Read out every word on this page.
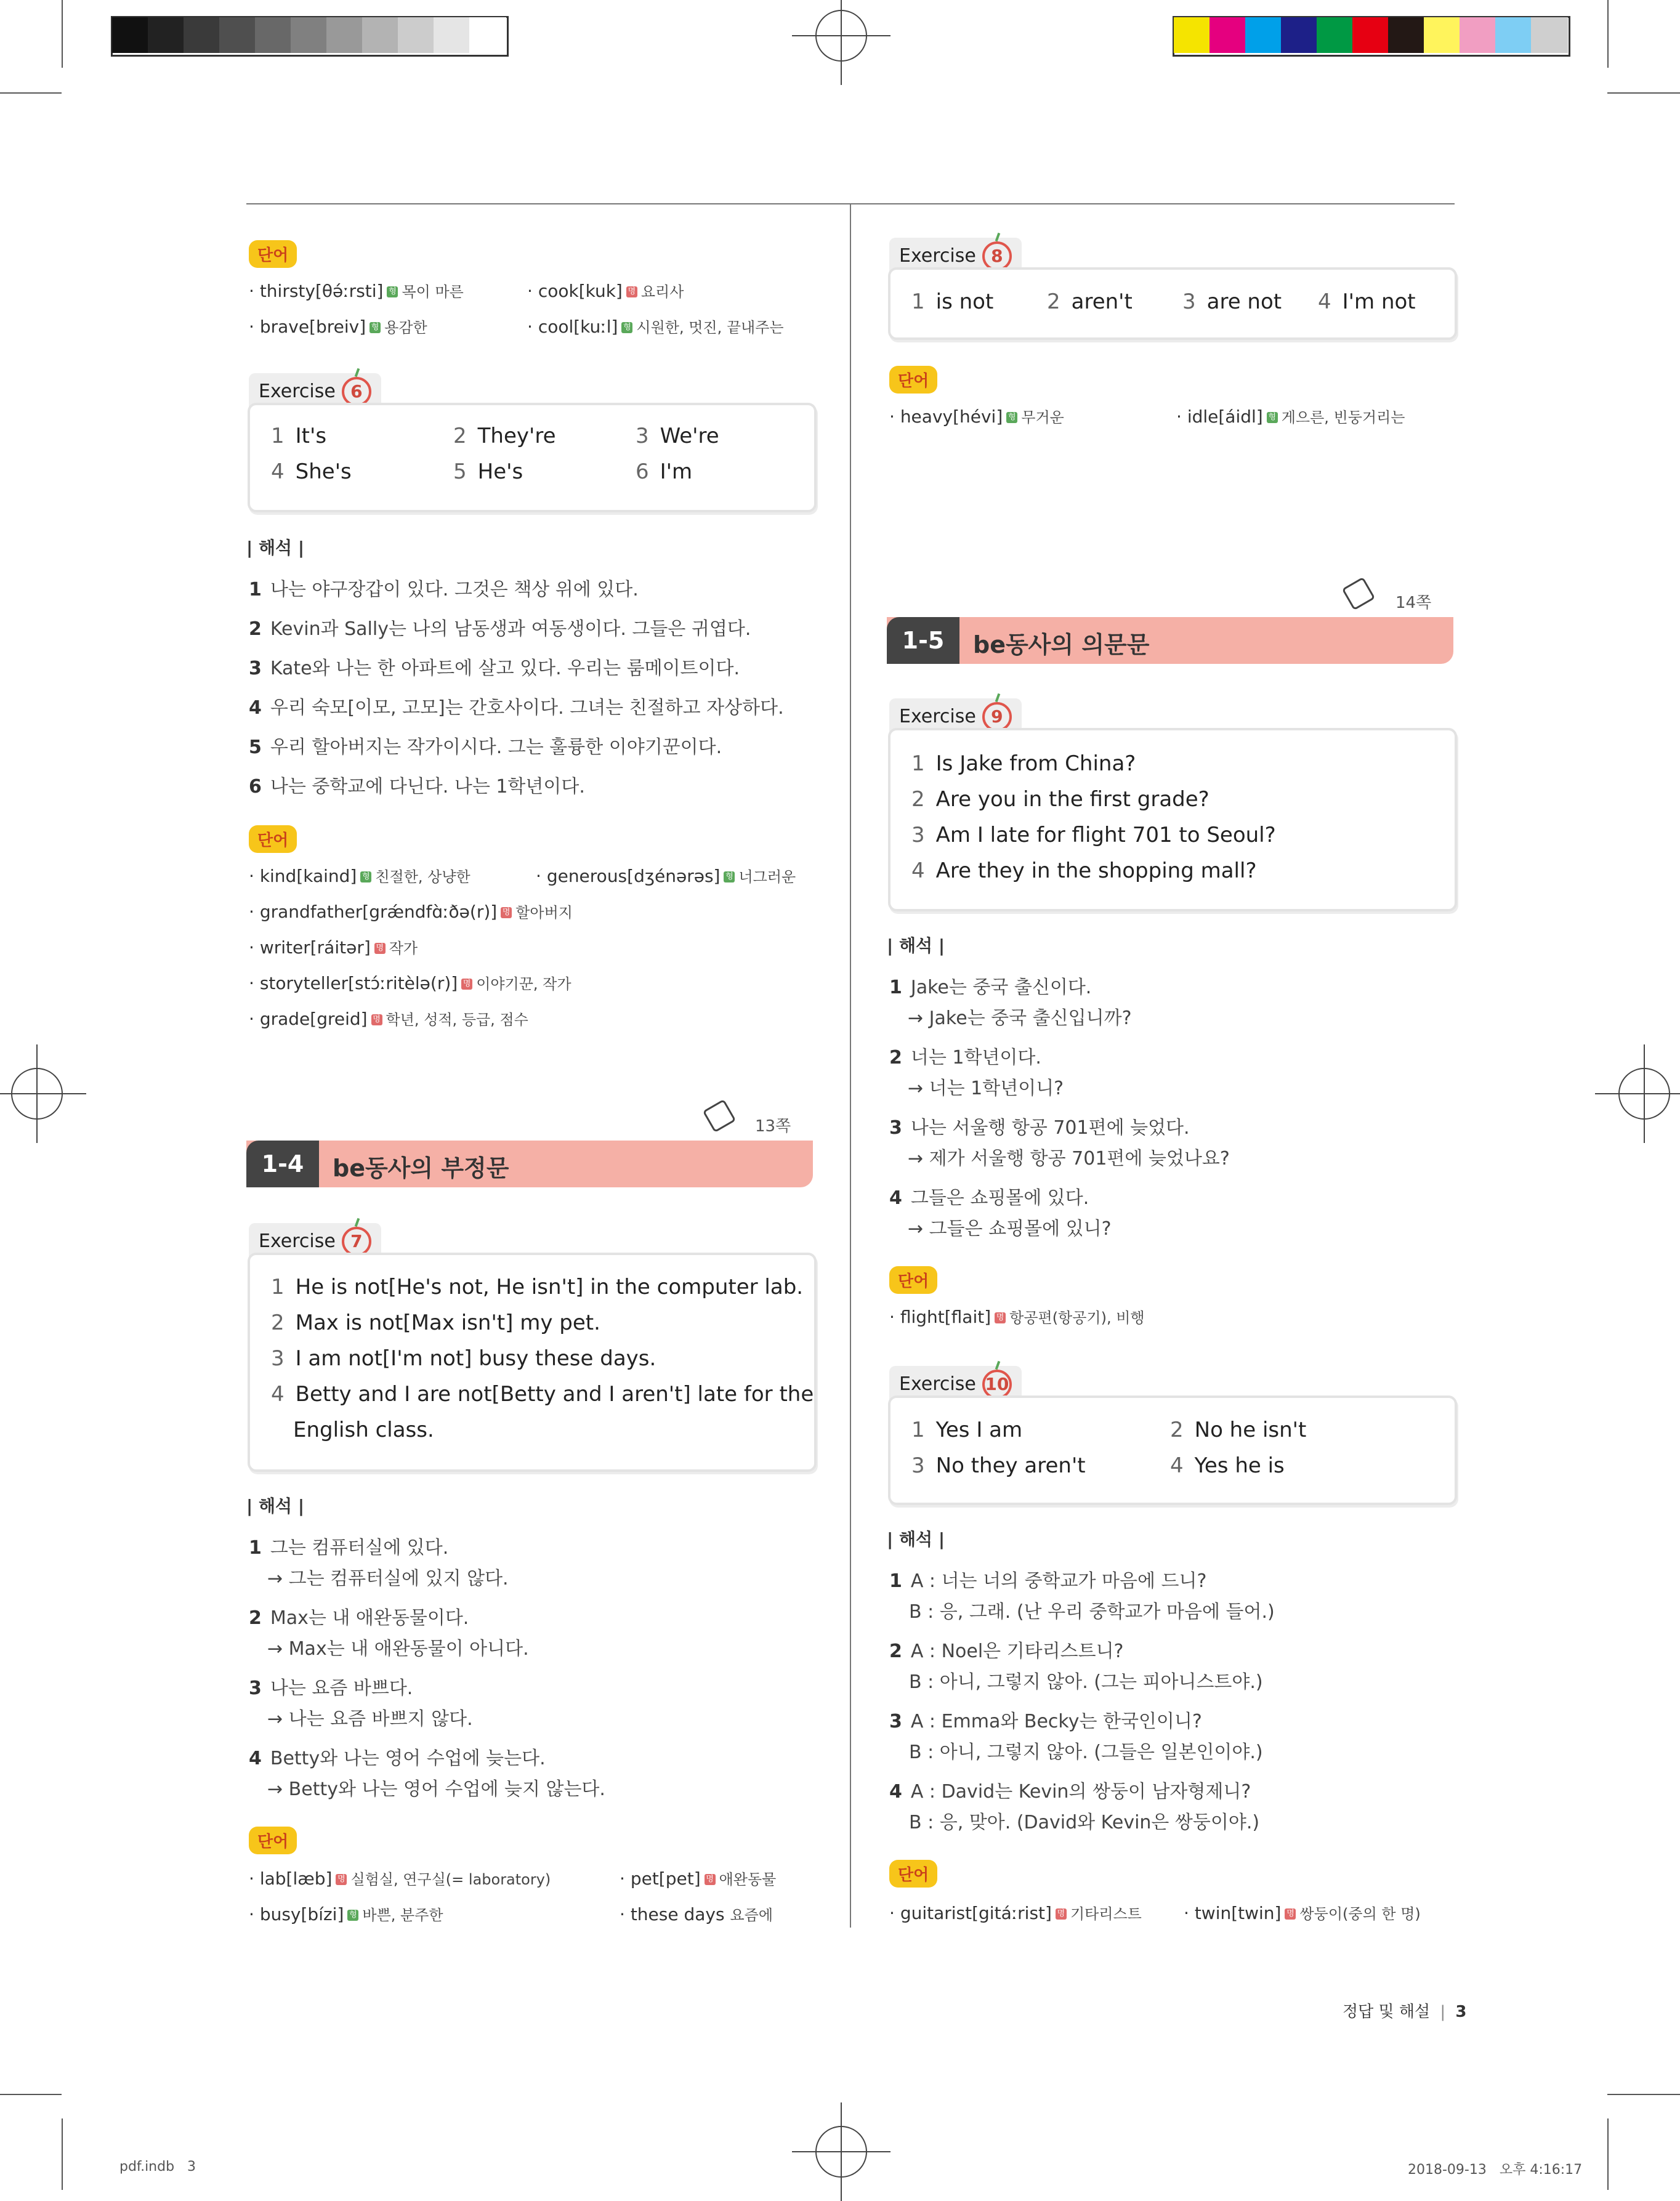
단어
· thirsty[θə́ːrsti] 형 목이 마른
· brave[breiv] 형 용감한
· cook[kuk] 명 요리사
· cool[kuːl] 형 시원한, 멋진, 끝내주는
Exercise 6
1 It's	2 They're	3 We're
4 She's	5 He's	6 I'm
| 해석 |
1 나는 야구장갑이 있다. 그것은 책상 위에 있다.
2 Kevin과 Sally는 나의 남동생과 여동생이다. 그들은 귀엽다.
3 Kate와 나는 한 아파트에 살고 있다. 우리는 룸메이트이다.
4 우리 숙모[이모, 고모]는 간호사이다. 그녀는 친절하고 자상하다.
5 우리 할아버지는 작가이시다. 그는 훌륭한 이야기꾼이다.
6 나는 중학교에 다닌다. 나는 1학년이다.
단어
· kind[kaind] 형 친절한, 상냥한	· generous[dʒénərəs] 형 너그러운
· grandfather[grǽndfɑ̀ːðə(r)] 명 할아버지
· writer[ráitər] 명 작가
· storyteller[stɔ́ːritèlə(r)] 명 이야기꾼, 작가
· grade[greid] 명 학년, 성적, 등급, 점수
13쪽
1-4	be동사의 부정문
Exercise 7
1 He is not[He's not, He isn't] in the computer lab.
2 Max is not[Max isn't] my pet.
3 I am not[I'm not] busy these days.
4 Betty and I are not[Betty and I aren't] late for the
English class.
| 해석 |
1 그는 컴퓨터실에 있다.
→ 그는 컴퓨터실에 있지 않다.
2 Max는 내 애완동물이다.
→ Max는 내 애완동물이 아니다.
3 나는 요즘 바쁘다.
→ 나는 요즘 바쁘지 않다.
4 Betty와 나는 영어 수업에 늦는다.
→ Betty와 나는 영어 수업에 늦지 않는다.
단어
· lab[læb] 명 실험실, 연구실(= laboratory)	· pet[pet] 명 애완동물
· busy[bízi] 형 바쁜, 분주한	· these days 요즘에
Exercise 8
1 is not	2 aren't 3 are not 4 I'm not
단어
· heavy[hévi] 형 무거운	· idle[áidl] 형 게으른, 빈둥거리는
14쪽
1-5	be동사의 의문문
Exercise 9
1 Is Jake from China?
2 Are you in the first grade?
3 Am I late for flight 701 to Seoul?
4 Are they in the shopping mall?
| 해석 |
1 Jake는 중국 출신이다.
→ Jake는 중국 출신입니까?
2 너는 1학년이다.
→ 너는 1학년이니?
3 나는 서울행 항공 701편에 늦었다.
→ 제가 서울행 항공 701편에 늦었나요?
4 그들은 쇼핑몰에 있다.
→ 그들은 쇼핑몰에 있니?
단어
· flight[flait] 명 항공편(항공기), 비행
Exercise 10
1 Yes I am	2 No he isn't
3 No they aren't	4 Yes he is
| 해석 |
1 A : 너는 너의 중학교가 마음에 드니?
B : 응, 그래. (난 우리 중학교가 마음에 들어.)
2 A : Noel은 기타리스트니?
B : 아니, 그렇지 않아. (그는 피아니스트야.)
3 A : Emma와 Becky는 한국인이니?
B : 아니, 그렇지 않아. (그들은 일본인이야.)
4 A : David는 Kevin의 쌍둥이 남자형제니?
B : 응, 맞아. (David와 Kevin은 쌍둥이야.)
단어
· guitarist[gitáːrist] 명 기타리스트 · twin[twin] 명 쌍둥이(중의 한 명)
정답 및 해설 | 3
pdf.indb   3	2018-09-13   오후 4:16:17
